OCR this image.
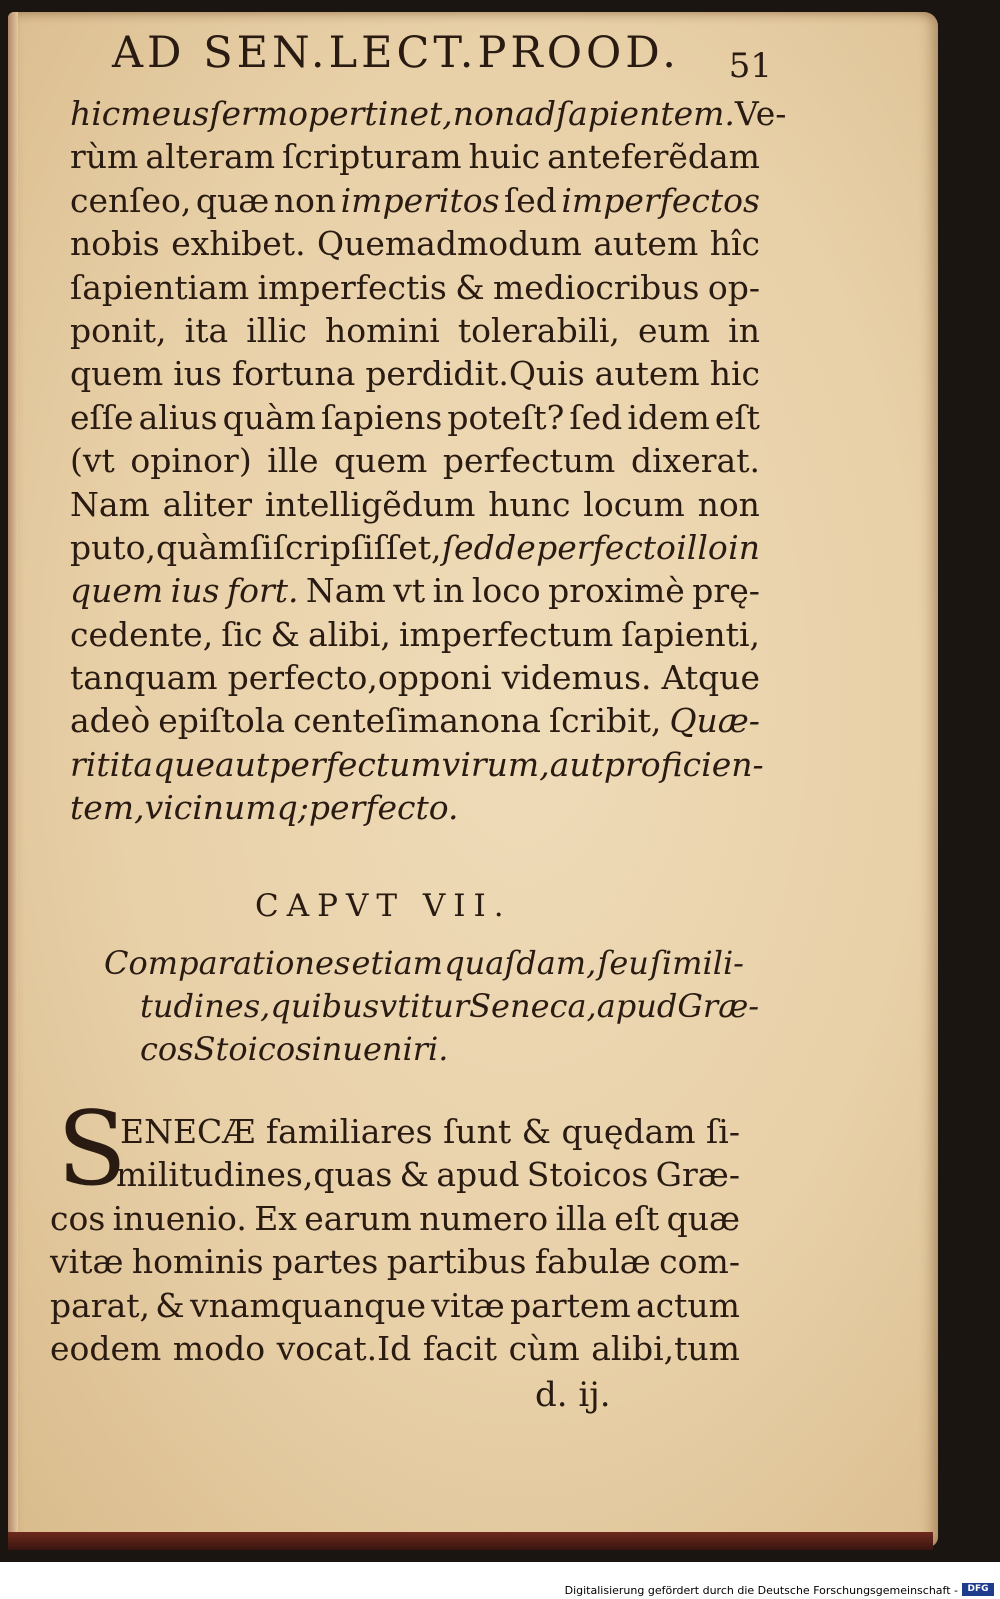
AD SEN.LECT.PROOD. 51
hic meus ſermo pertinet,non ad ſapientem. Ve-
rùm alteram ſcripturam huic anteferẽdam
cenſeo, quæ non imperitos ſed imperfectos
nobis exhibet. Quemadmodum autem hîc
ſapientiam imperfectis & mediocribus op-
ponit, ita illic homini tolerabili, eum in
quem ius fortuna perdidit.Quis autem hic
eſſe alius quàm ſapiens poteſt? ſed idem eſt
(vt opinor) ille quem perfectum dixerat.
Nam aliter intelligẽdum hunc locum non
puto,quàm ſi ſcripſiſſet, ſed de perfecto illo in
quem ius fort. Nam vt in loco proximè prę-
cedente, ſic & alibi, imperfectum ſapienti,
tanquam perfecto,opponi videmus. Atque
adeò epiſtola centeſimanona ſcribit, Quæ-
rit itaque aut perfectum virum, aut proficien-
tem,vicinumq; perfecto.
CAPVT VII.
Comparationes etiam quaſdam, ſeu ſimili-
tudines,quibus vtitur Seneca,apud Græ-
cos Stoicos inueniri.
S
ENECÆ familiares ſunt & quędam ſi-
militudines,quas & apud Stoicos Græ-
cos inuenio. Ex earum numero illa eſt quæ
vitæ hominis partes partibus fabulæ com-
parat, & vnamquanque vitæ partem actum
eodem modo vocat.Id facit cùm alibi,tum
d. ij.
Digitalisierung gefördert durch die Deutsche Forschungsgemeinschaft -	DFG
